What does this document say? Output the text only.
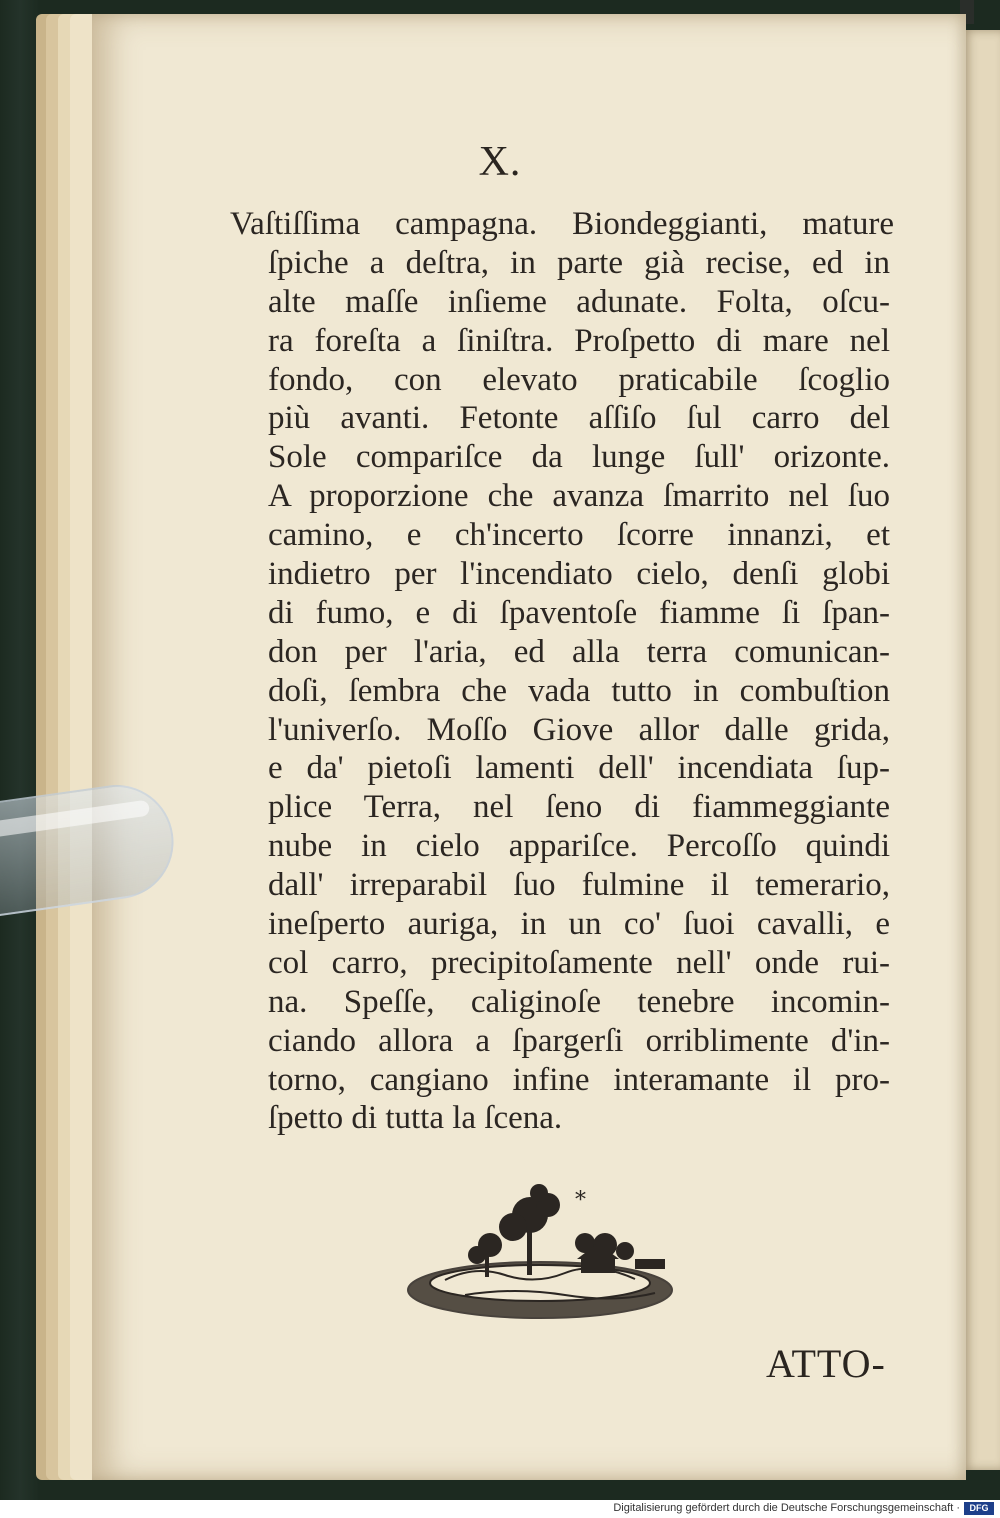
X.
Vaſtiſſima campagna. Biondeggianti, mature
ſpiche a deſtra, in parte già recise, ed in
alte maſſe inſieme adunate. Folta, oſcu-
ra foreſta a ſiniſtra. Proſpetto di mare nel
fondo, con elevato praticabile ſcoglio
più avanti. Fetonte aſſiſo ſul carro del
Sole compariſce da lunge ſull' orizonte.
A proporzione che avanza ſmarrito nel ſuo
camino, e ch'incerto ſcorre innanzi, et
indietro per l'incendiato cielo, denſi globi
di fumo, e di ſpaventoſe fiamme ſi ſpan-
don per l'aria, ed alla terra comunican-
doſi, ſembra che vada tutto in combuſtion
l'univerſo. Moſſo Giove allor dalle grida,
e da' pietoſi lamenti dell' incendiata ſup-
plice Terra, nel ſeno di fiammeggiante
nube in cielo appariſce. Percoſſo quindi
dall' irreparabil ſuo fulmine il temerario,
ineſperto auriga, in un co' ſuoi cavalli, e
col carro, precipitoſamente nell' onde rui-
na. Speſſe, caliginoſe tenebre incomin-
ciando allora a ſpargerſi orriblimente d'in-
torno, cangiano infine interamante il pro-
ſpetto di tutta la ſcena.
*
ATTO-
Digitalisierung gefördert durch die Deutsche Forschungsgemeinschaft ·	DFG
